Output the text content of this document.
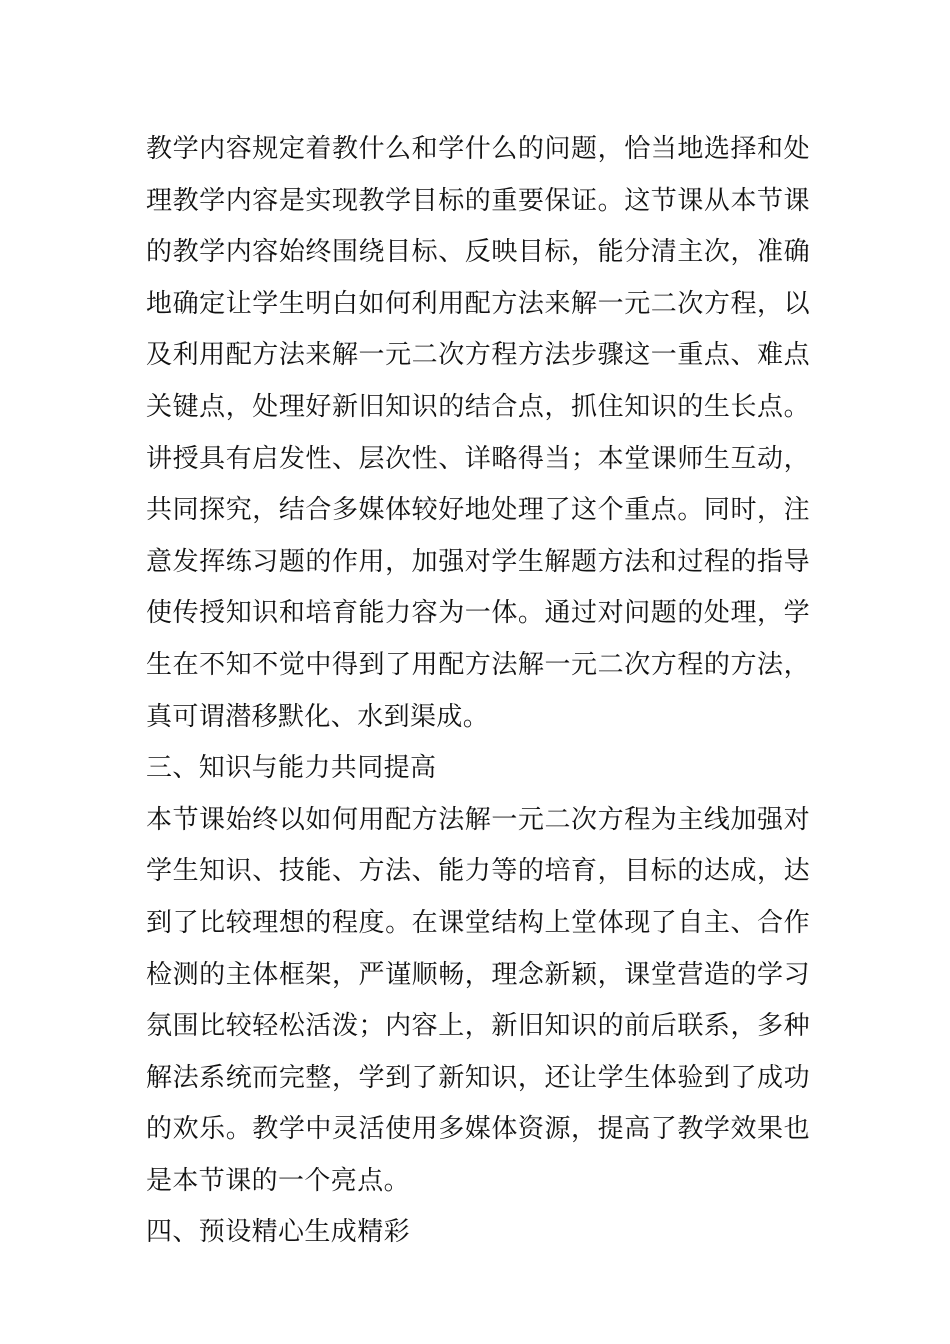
教学内容规定着教什么和学什么的问题，恰当地选择和处理教学内容是实现教学目标的重要保证。这节课从本节课的教学内容始终围绕目标、反映目标，能分清主次，准确地确定让学生明白如何利用配方法来解一元二次方程，以及利用配方法来解一元二次方程方法步骤这一重点、难点关键点，处理好新旧知识的结合点，抓住知识的生长点。讲授具有启发性、层次性、详略得当；本堂课师生互动，共同探究，结合多媒体较好地处理了这个重点。同时，注意发挥练习题的作用，加强对学生解题方法和过程的指导使传授知识和培育能力容为一体。通过对问题的处理，学生在不知不觉中得到了用配方法解一元二次方程的方法，真可谓潜移默化、水到渠成。

三、知识与能力共同提高

本节课始终以如何用配方法解一元二次方程为主线加强对学生知识、技能、方法、能力等的培育，目标的达成，达到了比较理想的程度。在课堂结构上堂体现了自主、合作检测的主体框架，严谨顺畅，理念新颖，课堂营造的学习氛围比较轻松活泼；内容上，新旧知识的前后联系，多种解法系统而完整，学到了新知识，还让学生体验到了成功的欢乐。教学中灵活使用多媒体资源，提高了教学效果也是本节课的一个亮点。

四、预设精心生成精彩
